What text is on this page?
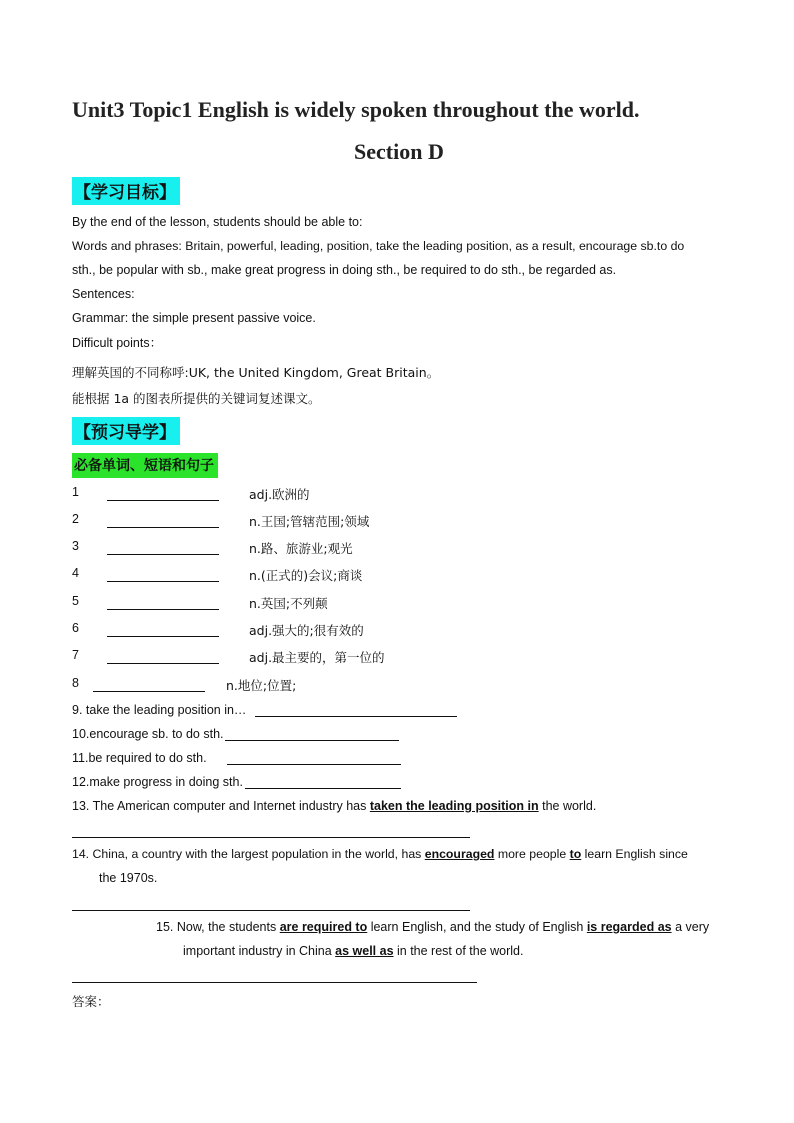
Unit3 Topic1 English is widely spoken throughout the world.
Section D
【学习目标】
By the end of the lesson, students should be able to:
Words and phrases: Britain, powerful, leading, position, take the leading position, as a result, encourage sb.to do
sth., be popular with sb., make great progress in doing sth., be required to do sth., be regarded as.
Sentences:
Grammar: the simple present passive voice.
Difficult points：
理解英国的不同称呼:UK, the United Kingdom, Great Britain。
能根据 1a 的图表所提供的关键词复述课文。
【预习导学】
必备单词、短语和句子
1	adj.欧洲的
2	n.王国;管辖范围;领域
3	n.路、旅游业;观光
4	n.(正式的)会议;商谈
5	n.英国;不列颠
6	adj.强大的;很有效的
7	adj.最主要的，第一位的
8	n.地位;位置;
9. take the leading position in…
10.encourage sb. to do sth.
11.be required to do sth.
12.make progress in doing sth.
13. The American computer and Internet industry has taken the leading position in the world.
14. China, a country with the largest population in the world, has encouraged more people to learn English since
the 1970s.
15. Now, the students are required to learn English, and the study of English is regarded as a very
important industry in China as well as in the rest of the world.
答案：
